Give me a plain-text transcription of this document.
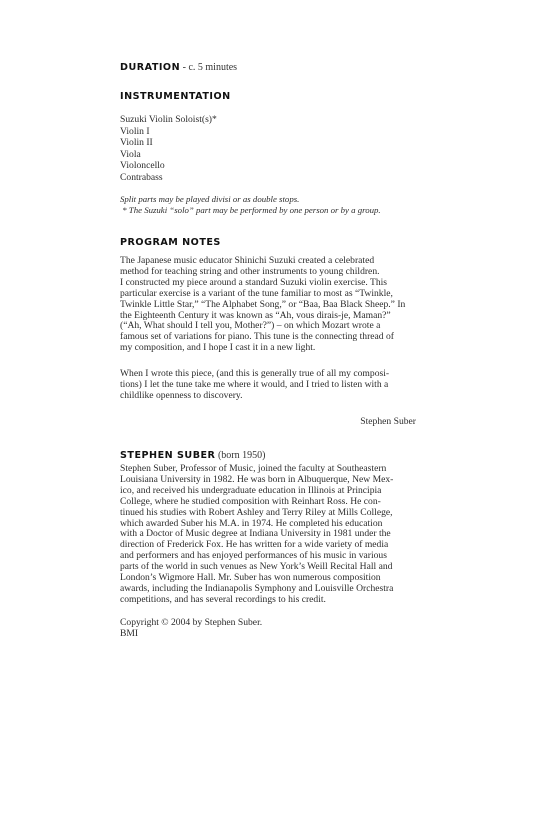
DURATION - c. 5 minutes
INSTRUMENTATION
Suzuki Violin Soloist(s)*
Violin I
Violin II
Viola
Violoncello
Contrabass
Split parts may be played divisi or as double stops.
* The Suzuki “solo” part may be performed by one person or by a group.
PROGRAM NOTES
The Japanese music educator Shinichi Suzuki created a celebrated
method for teaching string and other instruments to young children.
I constructed my piece around a standard Suzuki violin exercise. This
particular exercise is a variant of the tune familiar to most as “Twinkle,
Twinkle Little Star,” “The Alphabet Song,” or “Baa, Baa Black Sheep.” In
the Eighteenth Century it was known as “Ah, vous dirais-je, Maman?”
(“Ah, What should I tell you, Mother?”) – on which Mozart wrote a
famous set of variations for piano. This tune is the connecting thread of
my composition, and I hope I cast it in a new light.
When I wrote this piece, (and this is generally true of all my composi-
tions) I let the tune take me where it would, and I tried to listen with a
childlike openness to discovery.
Stephen Suber
STEPHEN SUBER (born 1950)
Stephen Suber, Professor of Music, joined the faculty at Southeastern
Louisiana University in 1982. He was born in Albuquerque, New Mex-
ico, and received his undergraduate education in Illinois at Principia
College, where he studied composition with Reinhart Ross. He con-
tinued his studies with Robert Ashley and Terry Riley at Mills College,
which awarded Suber his M.A. in 1974. He completed his education
with a Doctor of Music degree at Indiana University in 1981 under the
direction of Frederick Fox. He has written for a wide variety of media
and performers and has enjoyed performances of his music in various
parts of the world in such venues as New York’s Weill Recital Hall and
London’s Wigmore Hall. Mr. Suber has won numerous composition
awards, including the Indianapolis Symphony and Louisville Orchestra
competitions, and has several recordings to his credit.
Copyright © 2004 by Stephen Suber.
BMI
